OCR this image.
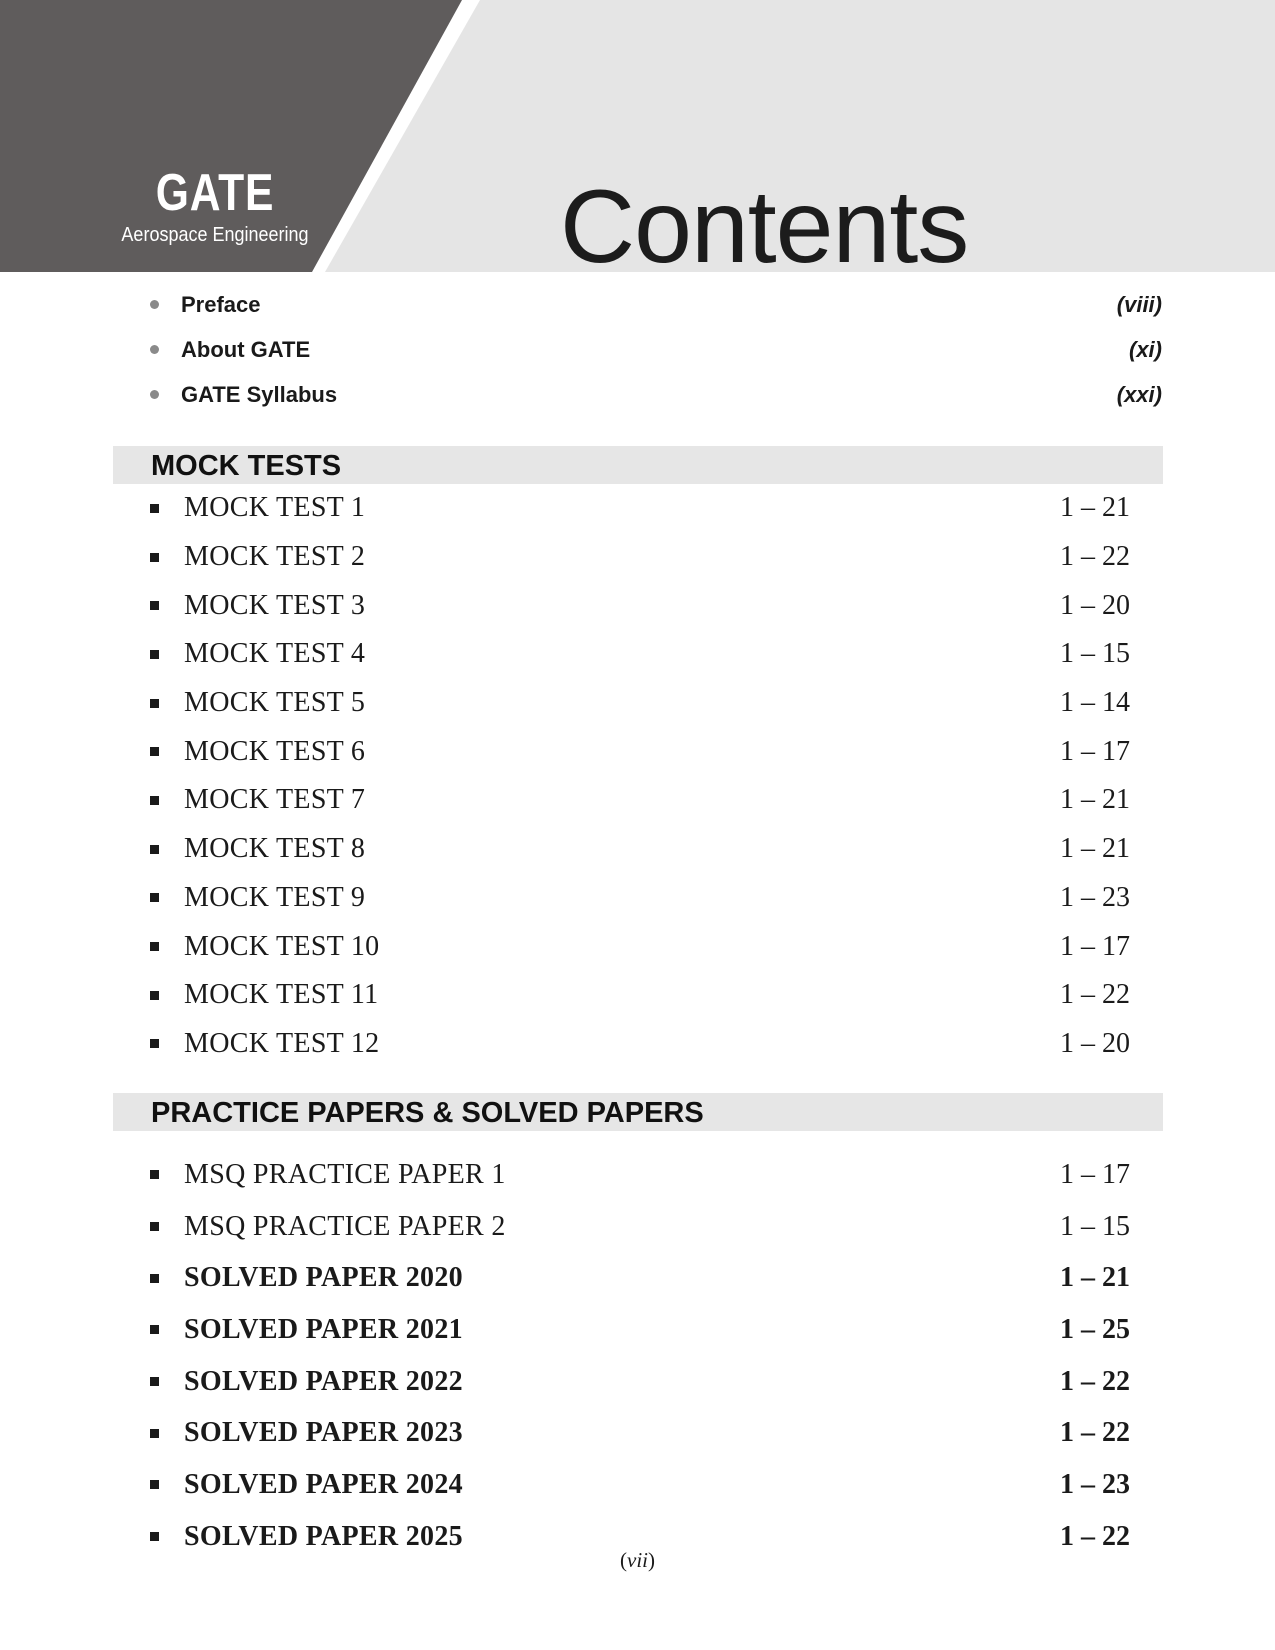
GATE
Aerospace Engineering Contents
Preface	(viii)
About GATE	(xi)
GATE Syllabus	(xxi)
MOCK TESTS
MOCK TEST 1	1 – 21
MOCK TEST 2	1 – 22
MOCK TEST 3	1 – 20
MOCK TEST 4	1 – 15
MOCK TEST 5	1 – 14
MOCK TEST 6	1 – 17
MOCK TEST 7	1 – 21
MOCK TEST 8	1 – 21
MOCK TEST 9	1 – 23
MOCK TEST 10	1 – 17
MOCK TEST 11	1 – 22
MOCK TEST 12	1 – 20
PRACTICE PAPERS & SOLVED PAPERS
MSQ PRACTICE PAPER 1	1 – 17
MSQ PRACTICE PAPER 2	1 – 15
SOLVED PAPER 2020	1 – 21
SOLVED PAPER 2021	1 – 25
SOLVED PAPER 2022	1 – 22
SOLVED PAPER 2023	1 – 22
SOLVED PAPER 2024	1 – 23
SOLVED PAPER 2025	1 – 22
(vii)
